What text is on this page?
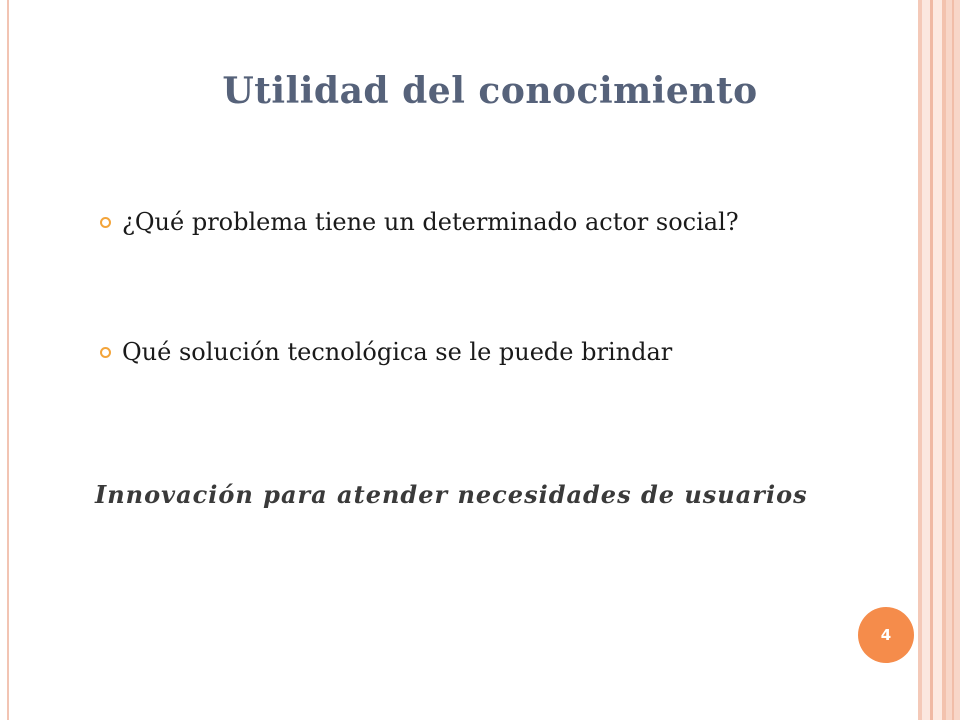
Utilidad del conocimiento
¿Qué problema tiene un determinado actor social?
Qué solución tecnológica se le puede brindar
Innovación para atender necesidades de usuarios
4
